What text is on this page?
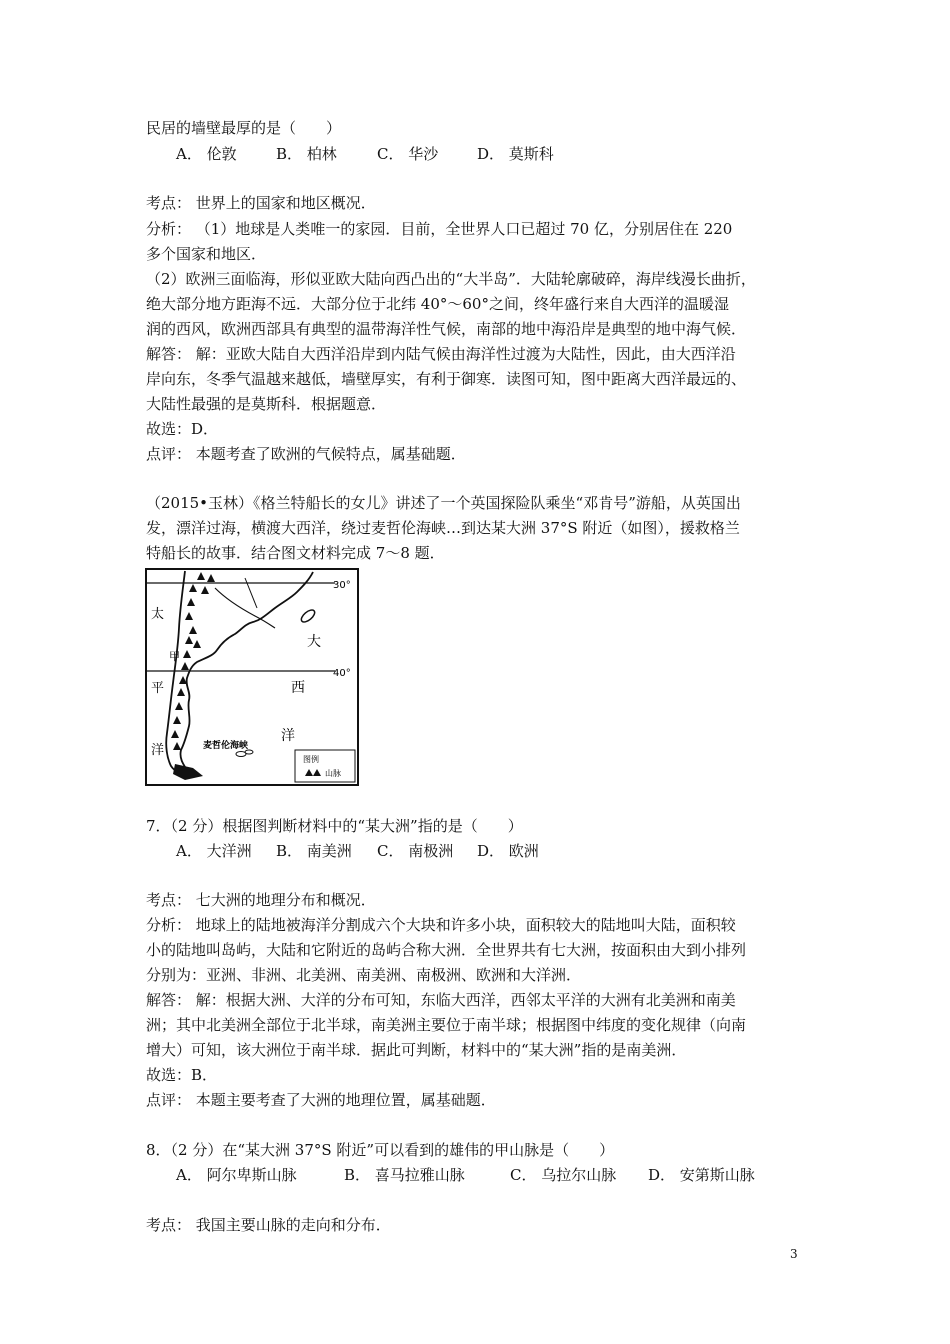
民居的墙壁最厚的是（　　）
A． 伦敦	B． 柏林	C． 华沙	D． 莫斯科
考点： 世界上的国家和地区概况．
分析： （1）地球是人类唯一的家园．目前，全世界人口已超过 70 亿，分别居住在 220
多个国家和地区．
（2）欧洲三面临海，形似亚欧大陆向西凸出的“大半岛”．大陆轮廓破碎，海岸线漫长曲折，
绝大部分地方距海不远．大部分位于北纬 40°～60°之间，终年盛行来自大西洋的温暖湿
润的西风，欧洲西部具有典型的温带海洋性气候，南部的地中海沿岸是典型的地中海气候．
解答： 解：亚欧大陆自大西洋沿岸到内陆气候由海洋性过渡为大陆性，因此，由大西洋沿
岸向东，冬季气温越来越低，墙壁厚实，有利于御寒．读图可知，图中距离大西洋最远的、
大陆性最强的是莫斯科．根据题意．
故选：D．
点评： 本题考查了欧洲的气候特点，属基础题．
（2015•玉林）《格兰特船长的女儿》讲述了一个英国探险队乘坐“邓肯号”游船，从英国出
发，漂洋过海，横渡大西洋，绕过麦哲伦海峡…到达某大洲 37°S 附近（如图），援救格兰
特船长的故事．结合图文材料完成 7～8 题．
太
平
洋
甲
大
西
洋
30°
40°
麦哲伦海峡
图例
山脉
7．（2 分）根据图判断材料中的“某大洲”指的是（　　）
A． 大洋洲 B． 南美洲 C． 南极洲 D． 欧洲
考点： 七大洲的地理分布和概况．
分析： 地球上的陆地被海洋分割成六个大块和许多小块，面积较大的陆地叫大陆，面积较
小的陆地叫岛屿，大陆和它附近的岛屿合称大洲．全世界共有七大洲，按面积由大到小排列
分别为：亚洲、非洲、北美洲、南美洲、南极洲、欧洲和大洋洲．
解答： 解：根据大洲、大洋的分布可知，东临大西洋，西邻太平洋的大洲有北美洲和南美
洲；其中北美洲全部位于北半球，南美洲主要位于南半球；根据图中纬度的变化规律（向南
增大）可知，该大洲位于南半球．据此可判断，材料中的“某大洲”指的是南美洲．
故选：B．
点评： 本题主要考查了大洲的地理位置，属基础题．
8．（2 分）在“某大洲 37°S 附近”可以看到的雄伟的甲山脉是（　　）
A． 阿尔卑斯山脉	B． 喜马拉雅山脉	C． 乌拉尔山脉 D． 安第斯山脉
考点： 我国主要山脉的走向和分布．
3
